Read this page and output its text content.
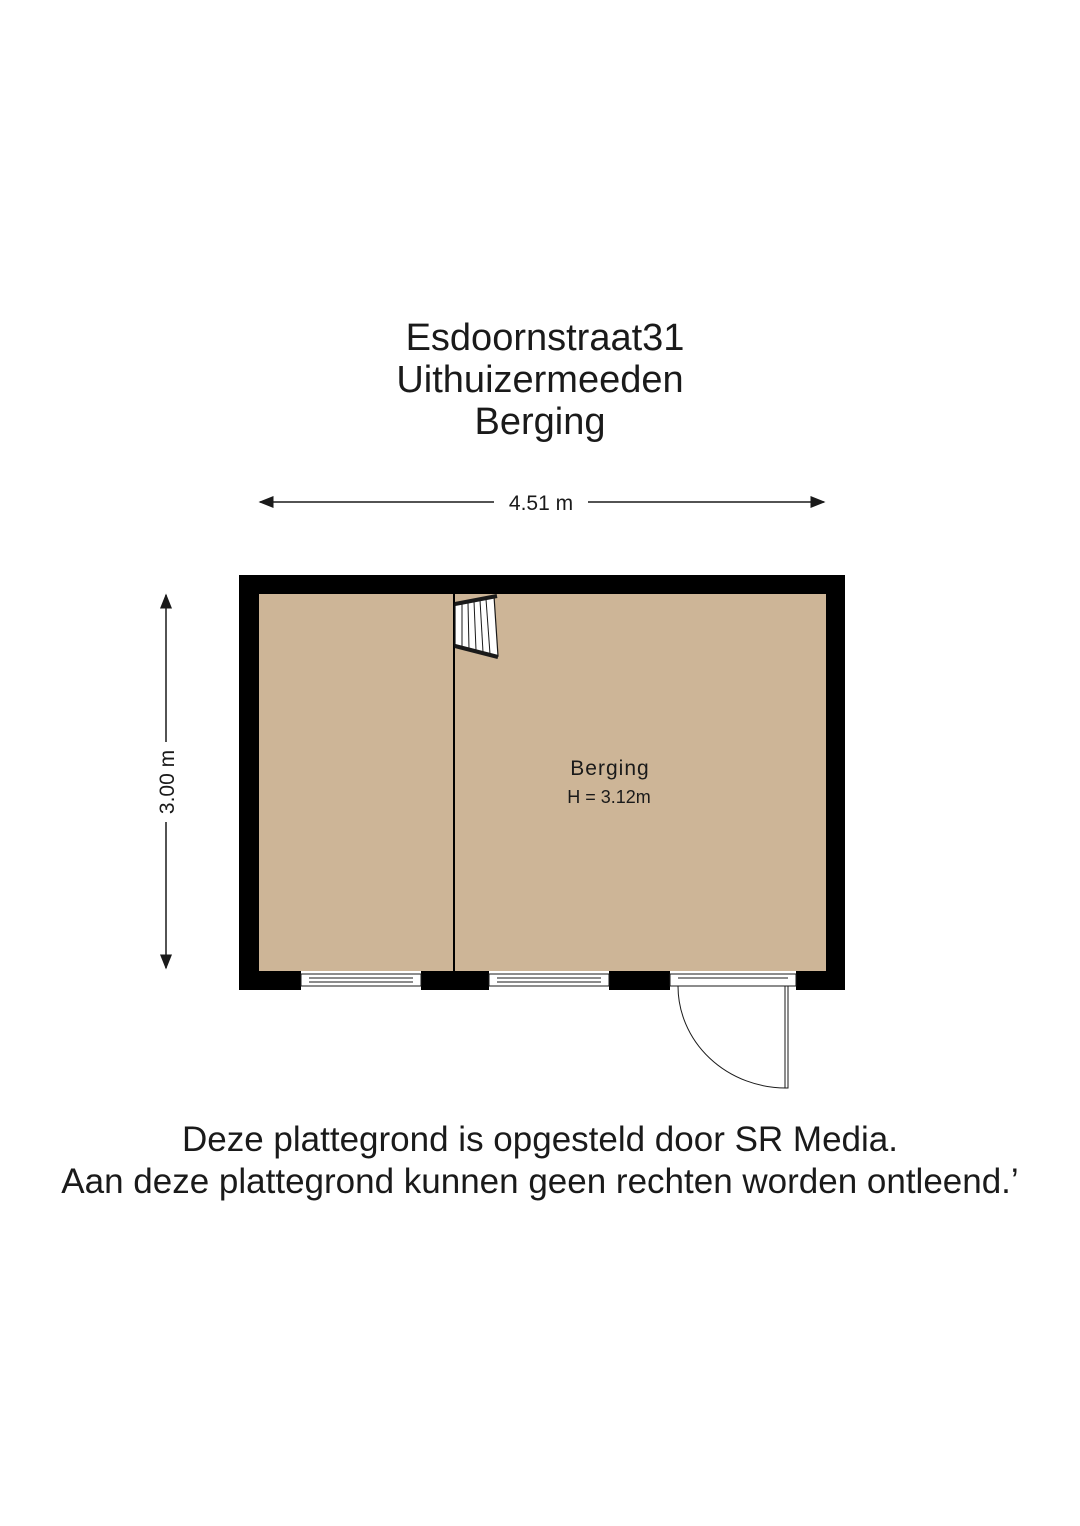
Esdoornstraat31
Uithuizermeeden
Berging
4.51 m
3.00 m	Berging
H = 3.12m
Deze plattegrond is opgesteld door SR Media.
Aan deze plattegrond kunnen geen rechten worden ontleend.’
